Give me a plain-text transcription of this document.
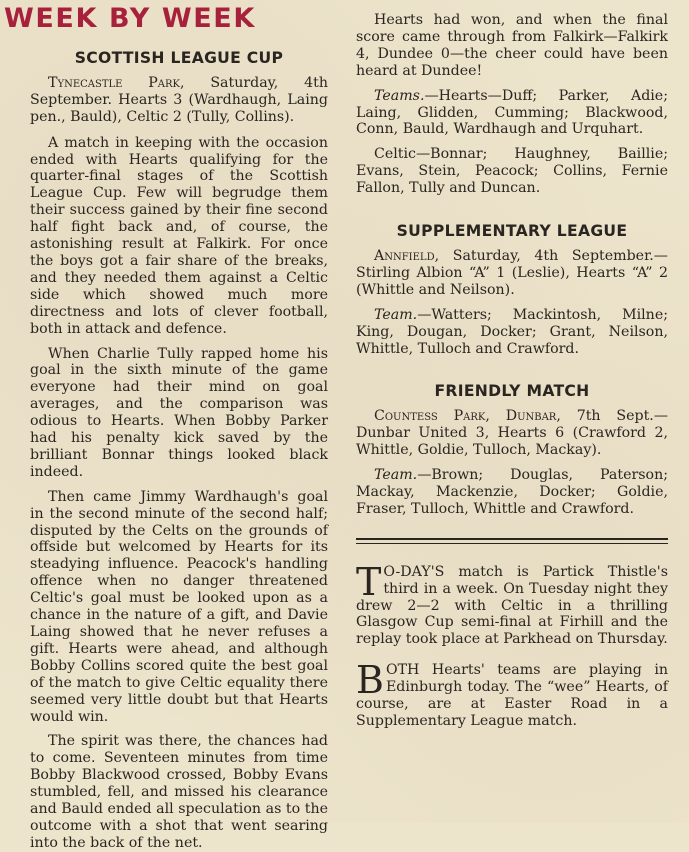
WEEK BY WEEK
SCOTTISH LEAGUE CUP

Tynecastle Park, Saturday, 4th September. Hearts 3 (Wardhaugh, Laing pen., Bauld), Celtic 2 (Tully, Collins).

A match in keeping with the occasion ended with Hearts qualifying for the quarter-final stages of the Scottish League Cup. Few will begrudge them their success gained by their fine second half fight back and, of course, the astonishing result at Falkirk. For once the boys got a fair share of the breaks, and they needed them against a Celtic side which showed much more directness and lots of clever football, both in attack and defence.

When Charlie Tully rapped home his goal in the sixth minute of the game everyone had their mind on goal averages, and the comparison was odious to Hearts. When Bobby Parker had his penalty kick saved by the brilliant Bonnar things looked black indeed.

Then came Jimmy Wardhaugh's goal in the second minute of the second half; disputed by the Celts on the grounds of offside but welcomed by Hearts for its steadying influence. Peacock's handling offence when no danger threatened Celtic's goal must be looked upon as a chance in the nature of a gift, and Davie Laing showed that he never refuses a gift. Hearts were ahead, and although Bobby Collins scored quite the best goal of the match to give Celtic equality there seemed very little doubt but that Hearts would win.

The spirit was there, the chances had to come. Seventeen minutes from time Bobby Blackwood crossed, Bobby Evans stumbled, fell, and missed his clearance and Bauld ended all speculation as to the outcome with a shot that went searing into the back of the net.

Hearts had won, and when the final score came through from Falkirk—Falkirk 4, Dundee 0—the cheer could have been heard at Dundee!

Teams.—Hearts—Duff; Parker, Adie; Laing, Glidden, Cumming; Blackwood, Conn, Bauld, Wardhaugh and Urquhart.

Celtic—Bonnar; Haughney, Baillie; Evans, Stein, Peacock; Collins, Fernie Fallon, Tully and Duncan.

SUPPLEMENTARY LEAGUE

Annfield, Saturday, 4th September.—Stirling Albion “A” 1 (Leslie), Hearts “A” 2 (Whittle and Neilson).

Team.—Watters; Mackintosh, Milne; King, Dougan, Docker; Grant, Neilson, Whittle, Tulloch and Crawford.

FRIENDLY MATCH

Countess Park, Dunbar, 7th Sept.—Dunbar United 3, Hearts 6 (Crawford 2, Whittle, Goldie, Tulloch, Mackay).

Team.—Brown; Douglas, Paterson; Mackay, Mackenzie, Docker; Goldie, Fraser, Tulloch, Whittle and Crawford.

T O-DAY'S match is Partick Thistle's third in a week. On Tuesday night they drew 2—2 with Celtic in a thrilling Glasgow Cup semi-final at Firhill and the replay took place at Parkhead on Thursday.

BOTH Hearts' teams are playing in Edinburgh today. The “wee” Hearts, of course, are at Easter Road in a Supplementary League match.
